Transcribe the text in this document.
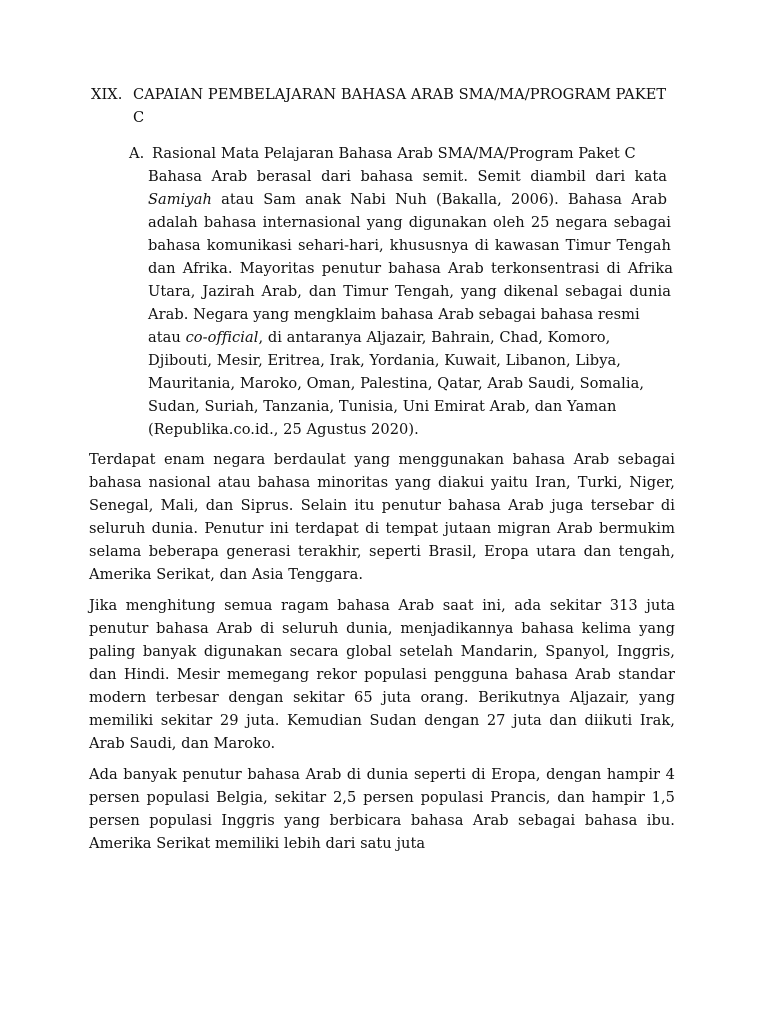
XIX. CAPAIAN PEMBELAJARAN BAHASA ARAB SMA/MA/PROGRAM PAKET
C
A. Rasional Mata Pelajaran Bahasa Arab SMA/MA/Program Paket C
Bahasa Arab berasal dari bahasa semit. Semit diambil dari kata
Samiyah atau Sam anak Nabi Nuh (Bakalla, 2006). Bahasa Arab
adalah bahasa internasional yang digunakan oleh 25 negara sebagai
bahasa komunikasi sehari-hari, khususnya di kawasan Timur Tengah
dan Afrika. Mayoritas penutur bahasa Arab terkonsentrasi di Afrika
Utara, Jazirah Arab, dan Timur Tengah, yang dikenal sebagai dunia
Arab. Negara yang mengklaim bahasa Arab sebagai bahasa resmi
atau co-official, di antaranya Aljazair, Bahrain, Chad, Komoro,
Djibouti, Mesir, Eritrea, Irak, Yordania, Kuwait, Libanon, Libya,
Mauritania, Maroko, Oman, Palestina, Qatar, Arab Saudi, Somalia,
Sudan, Suriah, Tanzania, Tunisia, Uni Emirat Arab, dan Yaman
(Republika.co.id., 25 Agustus 2020).
Terdapat enam negara berdaulat yang menggunakan bahasa Arab sebagai
bahasa nasional atau bahasa minoritas yang diakui yaitu Iran, Turki, Niger,
Senegal, Mali, dan Siprus. Selain itu penutur bahasa Arab juga tersebar di
seluruh dunia. Penutur ini terdapat di tempat jutaan migran Arab bermukim
selama beberapa generasi terakhir, seperti Brasil, Eropa utara dan tengah,
Amerika Serikat, dan Asia Tenggara.
Jika menghitung semua ragam bahasa Arab saat ini, ada sekitar 313 juta
penutur bahasa Arab di seluruh dunia, menjadikannya bahasa kelima yang
paling banyak digunakan secara global setelah Mandarin, Spanyol, Inggris,
dan Hindi. Mesir memegang rekor populasi pengguna bahasa Arab standar
modern terbesar dengan sekitar 65 juta orang. Berikutnya Aljazair, yang
memiliki sekitar 29 juta. Kemudian Sudan dengan 27 juta dan diikuti Irak,
Arab Saudi, dan Maroko.
Ada banyak penutur bahasa Arab di dunia seperti di Eropa, dengan hampir 4
persen populasi Belgia, sekitar 2,5 persen populasi Prancis, dan hampir 1,5
persen populasi Inggris yang berbicara bahasa Arab sebagai bahasa ibu.
Amerika Serikat memiliki lebih dari satu juta
